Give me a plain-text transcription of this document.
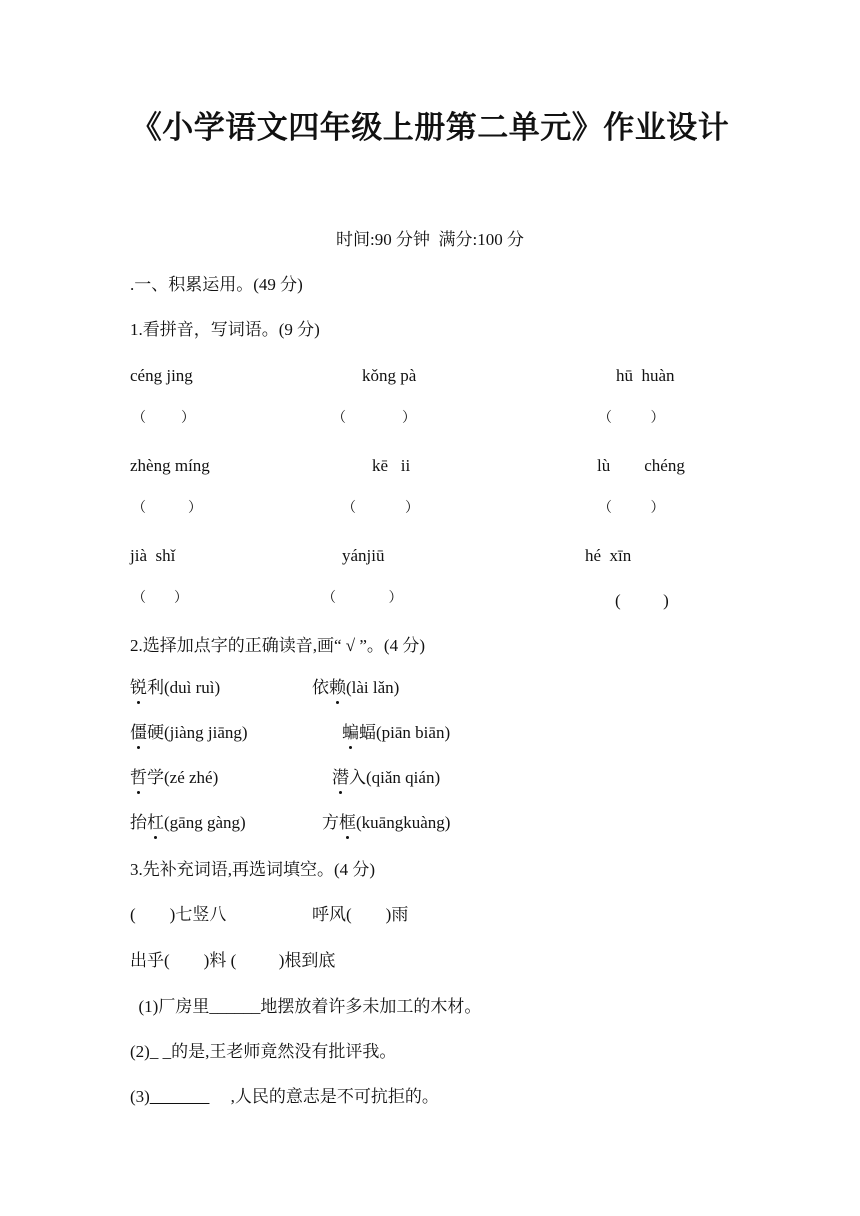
《小学语文四年级上册第二单元》作业设计
时间:90 分钟  满分:100 分
.一、积累运用。(49 分)
1.看拼音，写词语。(9 分)
céng jing	kǒng pà	hū  huàn
（          ）	（                ）	（           ）
zhèng míng	kē   ii	lù        chéng
（            ）	（              ）	（           ）
jià  shǐ	yánjiū	hé  xīn
（        ）	（               ）	(          )
2.选择加点字的正确读音,画“ √ ”。(4 分)
锐利(duì ruì)	依赖(lài lǎn)
僵硬(jiàng jiāng)	蝙蝠(piān biān)
哲学(zé zhé)	潜入(qiǎn qián)
抬杠(gāng gàng)	方框(kuāngkuàng)
3.先补充词语,再选词填空。(4 分)
(        )七竖八	呼风(        )雨
出乎(        )料 (          )根到底
(1)厂房里______地摆放着许多未加工的木材。
(2)_ _的是,王老师竟然没有批评我。
(3)_______     ,人民的意志是不可抗拒的。
